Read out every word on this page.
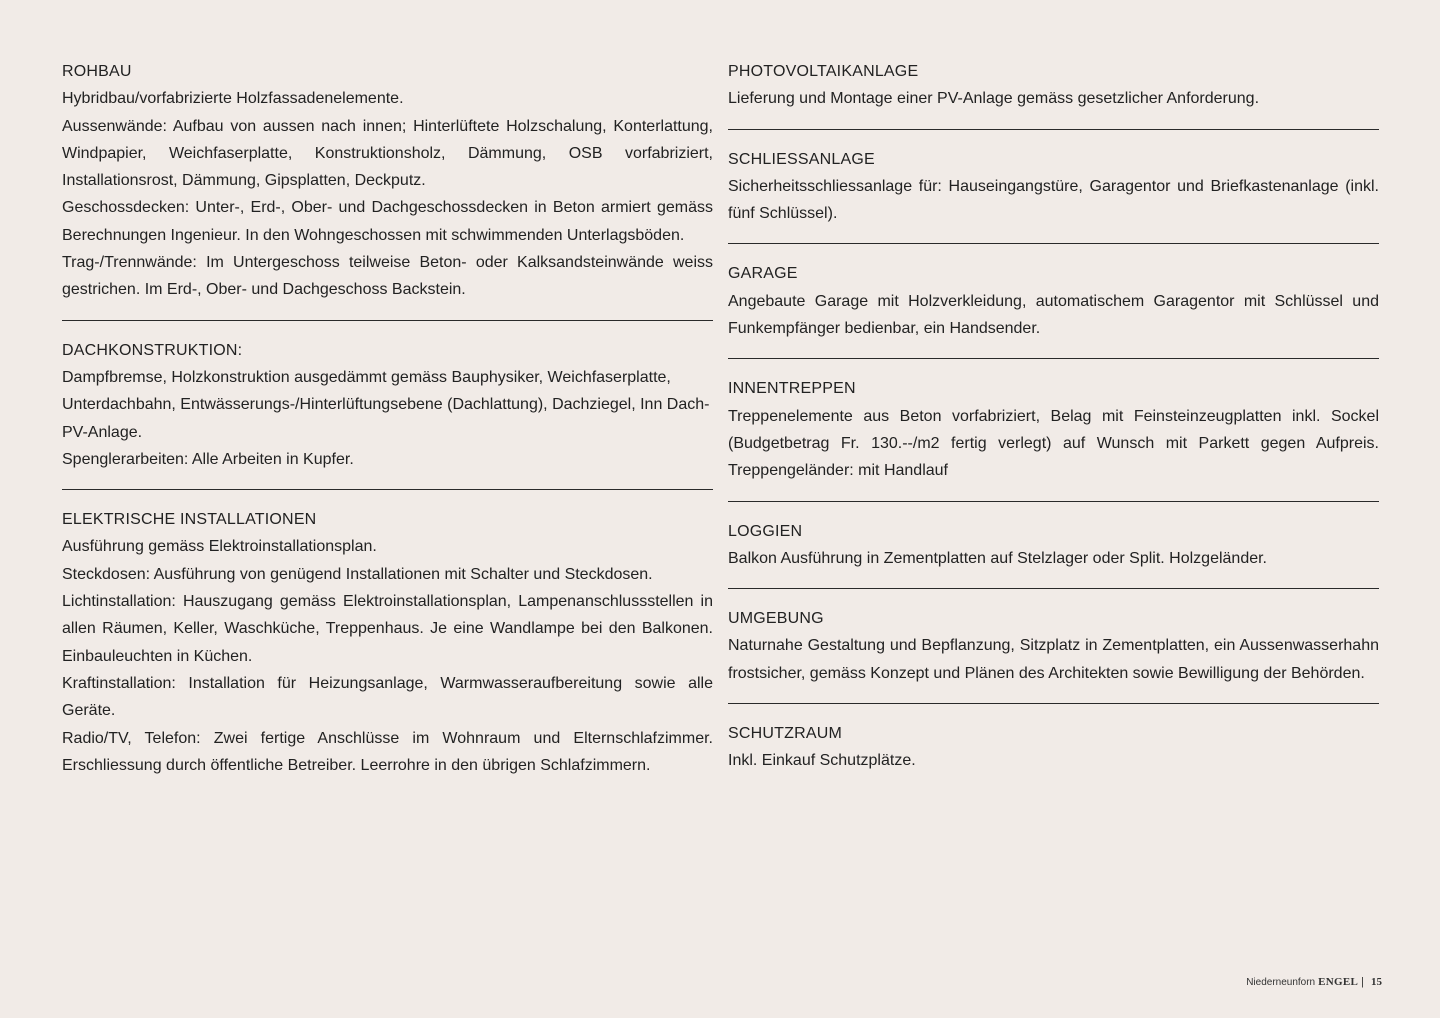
ROHBAU

Hybridbau/vorfabrizierte Holzfassadenelemente.

Aussenwände: Aufbau von aussen nach innen; Hinterlüftete Holzschalung, Konterlattung, Windpapier, Weichfaserplatte, Konstruktionsholz, Dämmung, OSB vorfabriziert, Installationsrost, Dämmung, Gipsplatten, Deckputz.

Geschossdecken: Unter-, Erd-, Ober- und Dachgeschossdecken in Beton armiert gemäss Berechnungen Ingenieur. In den Wohngeschossen mit schwimmenden Unterlagsböden.

Trag-/Trennwände: Im Untergeschoss teilweise Beton- oder Kalksandsteinwände weiss gestrichen. Im Erd-, Ober- und Dachgeschoss Backstein.

DACHKONSTRUKTION:

Dampfbremse, Holzkonstruktion ausgedämmt gemäss Bauphysiker, Weichfaserplatte, Unterdachbahn, Entwässerungs-/Hinterlüftungsebene (Dachlattung), Dachziegel, Inn Dach-PV-Anlage.

Spenglerarbeiten: Alle Arbeiten in Kupfer.

ELEKTRISCHE INSTALLATIONEN

Ausführung gemäss Elektroinstallationsplan.

Steckdosen: Ausführung von genügend Installationen mit Schalter und Steckdosen.

Lichtinstallation: Hauszugang gemäss Elektroinstallationsplan, Lampenanschlussstellen in allen Räumen, Keller, Waschküche, Treppenhaus. Je eine Wandlampe bei den Balkonen. Einbauleuchten in Küchen.

Kraftinstallation: Installation für Heizungsanlage, Warmwasseraufbereitung sowie alle Geräte.

Radio/TV, Telefon: Zwei fertige Anschlüsse im Wohnraum und Elternschlafzimmer. Erschliessung durch öffentliche Betreiber. Leerrohre in den übrigen Schlafzimmern.

PHOTOVOLTAIKANLAGE

Lieferung und Montage einer PV-Anlage gemäss gesetzlicher Anforderung.

SCHLIESSANLAGE

Sicherheitsschliessanlage für: Hauseingangstüre, Garagentor und Briefkastenanlage (inkl. fünf Schlüssel).

GARAGE

Angebaute Garage mit Holzverkleidung, automatischem Garagentor mit Schlüssel und Funkempfänger bedienbar, ein Handsender.

INNENTREPPEN

Treppenelemente aus Beton vorfabriziert, Belag mit Feinsteinzeugplatten inkl. Sockel (Budgetbetrag Fr. 130.--/m2 fertig verlegt) auf Wunsch mit Parkett gegen Aufpreis. Treppengeländer: mit Handlauf

LOGGIEN

Balkon Ausführung in Zementplatten auf Stelzlager oder Split. Holzgeländer.

UMGEBUNG

Naturnahe Gestaltung und Bepflanzung, Sitzplatz in Zementplatten, ein Aussenwasserhahn frostsicher, gemäss Konzept und Plänen des Architekten sowie Bewilligung der Behörden.

SCHUTZRAUM

Inkl. Einkauf Schutzplätze.

Niederneunforn ENGEL | 15
